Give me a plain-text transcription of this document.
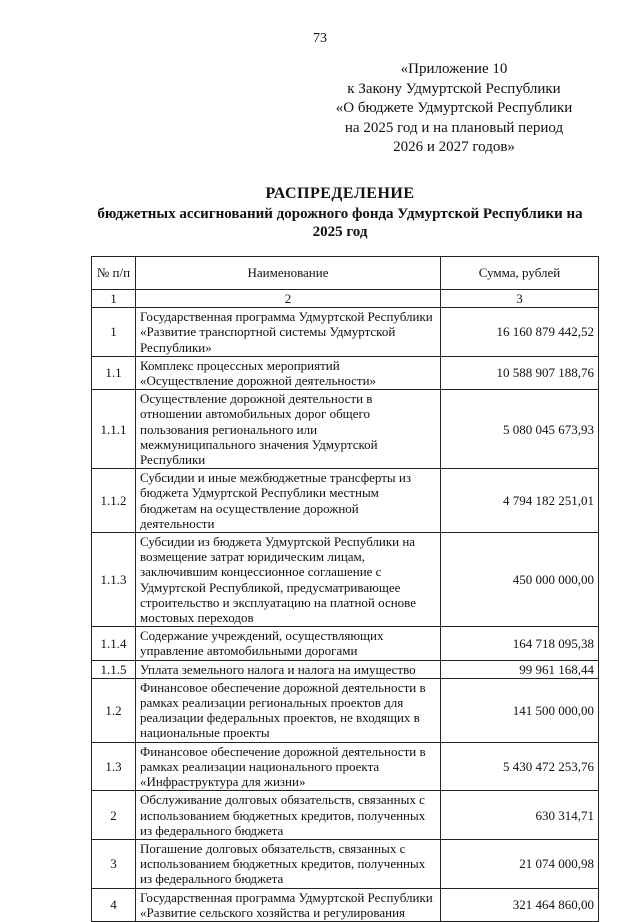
73
«Приложение 10
к Закону Удмуртской Республики
«О бюджете Удмуртской Республики
на 2025 год и на плановый период
2026 и 2027 годов»
РАСПРЕДЕЛЕНИЕ
бюджетных ассигнований дорожного фонда Удмуртской Республики на 2025 год
№ п/п	Наименование	Сумма, рублей
1	2	3
1	Государственная программа Удмуртской Республики «Развитие транспортной системы Удмуртской Республики»	16 160 879 442,52
1.1	Комплекс процессных мероприятий «Осуществление дорожной деятельности»	10 588 907 188,76
1.1.1	Осуществление дорожной деятельности в отношении автомобильных дорог общего пользования регионального или межмуниципального значения Удмуртской Республики	5 080 045 673,93
1.1.2	Субсидии и иные межбюджетные трансферты из бюджета Удмуртской Республики местным бюджетам на осуществление дорожной деятельности	4 794 182 251,01
1.1.3	Субсидии из бюджета Удмуртской Республики на возмещение затрат юридическим лицам, заключившим концессионное соглашение с Удмуртской Республикой, предусматривающее строительство и эксплуатацию на платной основе мостовых переходов	450 000 000,00
1.1.4	Содержание учреждений, осуществляющих управление автомобильными дорогами	164 718 095,38
1.1.5	Уплата земельного налога и налога на имущество	99 961 168,44
1.2	Финансовое обеспечение дорожной деятельности в рамках реализации региональных проектов для реализации федеральных проектов, не входящих в национальные проекты	141 500 000,00
1.3	Финансовое обеспечение дорожной деятельности в рамках реализации национального проекта «Инфраструктура для жизни»	5 430 472 253,76
2	Обслуживание долговых обязательств, связанных с использованием бюджетных кредитов, полученных из федерального бюджета	630 314,71
3	Погашение долговых обязательств, связанных с использованием бюджетных кредитов, полученных из федерального бюджета	21 074 000,98
4	Государственная программа Удмуртской Республики «Развитие сельского хозяйства и регулирования	321 464 860,00
